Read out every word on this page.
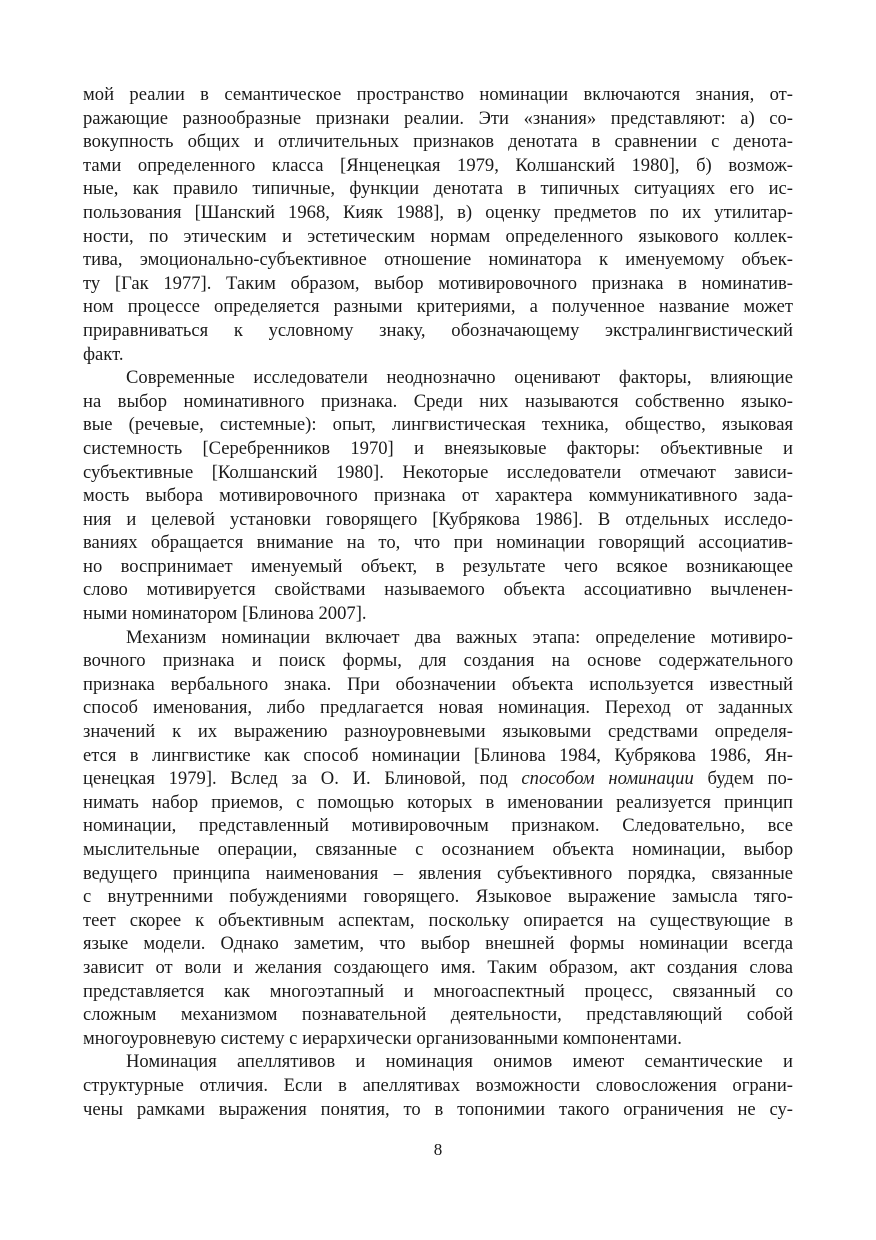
мой реалии в семантическое пространство номинации включаются знания, от-
ражающие разнообразные признаки реалии. Эти «знания» представляют: а) со-
вокупность общих и отличительных признаков денотата в сравнении с денота-
тами определенного класса [Янценецкая 1979, Колшанский 1980], б) возмож-
ные, как правило типичные, функции денотата в типичных ситуациях его ис-
пользования [Шанский 1968, Кияк 1988], в) оценку предметов по их утилитар-
ности, по этическим и эстетическим нормам определенного языкового коллек-
тива, эмоционально-субъективное отношение номинатора к именуемому объек-
ту [Гак 1977]. Таким образом, выбор мотивировочного признака в номинатив-
ном процессе определяется разными критериями, а полученное название может
приравниваться к условному знаку, обозначающему экстралингвистический
факт.
Современные исследователи неоднозначно оценивают факторы, влияющие
на выбор номинативного признака. Среди них называются собственно языко-
вые (речевые, системные): опыт, лингвистическая техника, общество, языковая
системность [Серебренников 1970] и внеязыковые факторы: объективные и
субъективные [Колшанский 1980]. Некоторые исследователи отмечают зависи-
мость выбора мотивировочного признака от характера коммуникативного зада-
ния и целевой установки говорящего [Кубрякова 1986]. В отдельных исследо-
ваниях обращается внимание на то, что при номинации говорящий ассоциатив-
но воспринимает именуемый объект, в результате чего всякое возникающее
слово мотивируется свойствами называемого объекта ассоциативно вычленен-
ными номинатором [Блинова 2007].
Механизм номинации включает два важных этапа: определение мотивиро-
вочного признака и поиск формы, для создания на основе содержательного
признака вербального знака. При обозначении объекта используется известный
способ именования, либо предлагается новая номинация. Переход от заданных
значений к их выражению разноуровневыми языковыми средствами определя-
ется в лингвистике как способ номинации [Блинова 1984, Кубрякова 1986, Ян-
ценецкая 1979]. Вслед за О. И. Блиновой, под способом номинации будем по-
нимать набор приемов, с помощью которых в именовании реализуется принцип
номинации, представленный мотивировочным признаком. Следовательно, все
мыслительные операции, связанные с осознанием объекта номинации, выбор
ведущего принципа наименования – явления субъективного порядка, связанные
с внутренними побуждениями говорящего. Языковое выражение замысла тяго-
теет скорее к объективным аспектам, поскольку опирается на существующие в
языке модели. Однако заметим, что выбор внешней формы номинации всегда
зависит от воли и желания создающего имя. Таким образом, акт создания слова
представляется как многоэтапный и многоаспектный процесс, связанный со
сложным механизмом познавательной деятельности, представляющий собой
многоуровневую систему с иерархически организованными компонентами.
Номинация апеллятивов и номинация онимов имеют семантические и
структурные отличия. Если в апеллятивах возможности словосложения ограни-
чены рамками выражения понятия, то в топонимии такого ограничения не су-
8
